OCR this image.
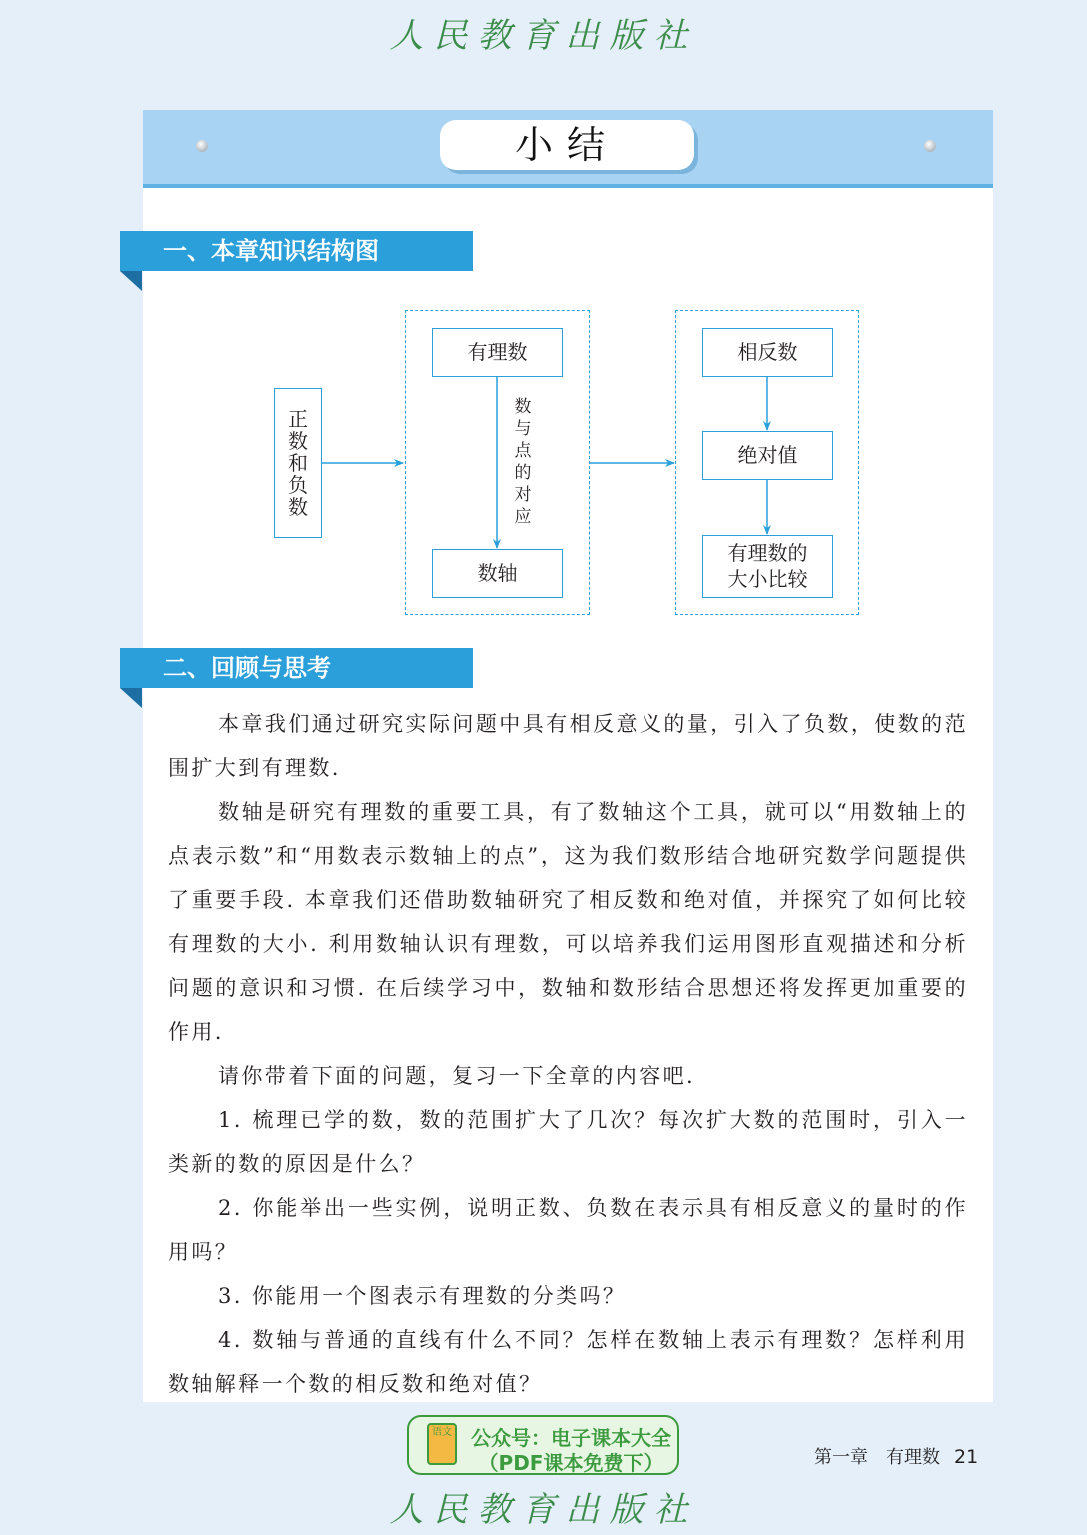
人民教育出版社
小结
一、本章知识结构图
正数和负数
有理数
数与点的对应
数轴
相反数
绝对值
有理数的
大小比较
二、回顾与思考

本章我们通过研究实际问题中具有相反意义的量，引入了负数，使数的范围扩大到有理数.

数轴是研究有理数的重要工具，有了数轴这个工具，就可以“用数轴上的点表示数”和“用数表示数轴上的点”，这为我们数形结合地研究数学问题提供了重要手段. 本章我们还借助数轴研究了相反数和绝对值，并探究了如何比较有理数的大小. 利用数轴认识有理数，可以培养我们运用图形直观描述和分析问题的意识和习惯. 在后续学习中，数轴和数形结合思想还将发挥更加重要的作用.

请你带着下面的问题，复习一下全章的内容吧.

1. 梳理已学的数，数的范围扩大了几次？每次扩大数的范围时，引入一类新的数的原因是什么？

2. 你能举出一些实例，说明正数、负数在表示具有相反意义的量时的作用吗？

3. 你能用一个图表示有理数的分类吗？

4. 数轴与普通的直线有什么不同？怎样在数轴上表示有理数？怎样利用数轴解释一个数的相反数和绝对值？

语文 公众号：电子课本大全
（PDF课本免费下）	第一章　有理数 21
人民教育出版社
